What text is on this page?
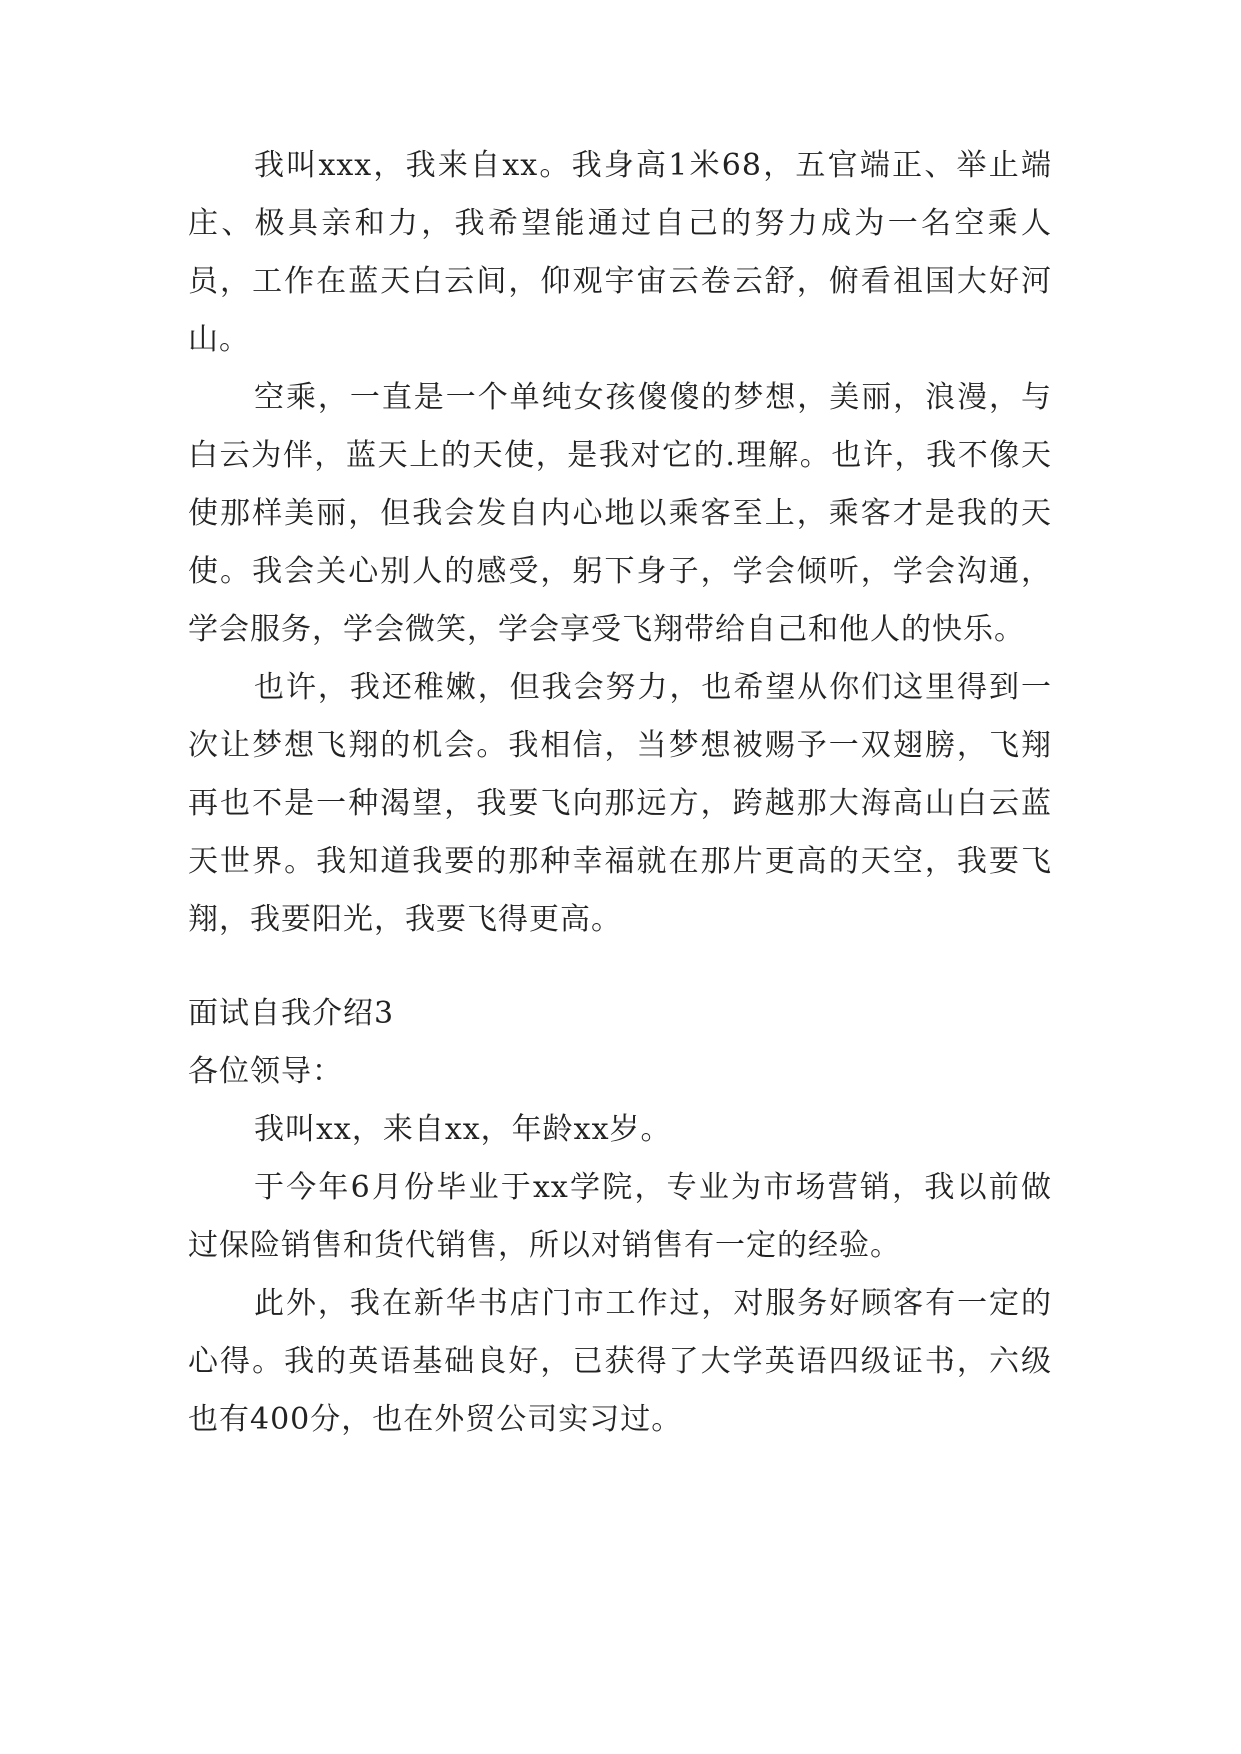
我叫xxx，我来自xx。我身高1米68，五官端正、举止端庄、极具亲和力，我希望能通过自己的努力成为一名空乘人员，工作在蓝天白云间，仰观宇宙云卷云舒，俯看祖国大好河山。

空乘，一直是一个单纯女孩傻傻的梦想，美丽，浪漫，与白云为伴，蓝天上的天使，是我对它的.理解。也许，我不像天使那样美丽，但我会发自内心地以乘客至上，乘客才是我的天使。我会关心别人的感受，躬下身子，学会倾听，学会沟通，学会服务，学会微笑，学会享受飞翔带给自己和他人的快乐。

也许，我还稚嫩，但我会努力，也希望从你们这里得到一次让梦想飞翔的机会。我相信，当梦想被赐予一双翅膀，飞翔再也不是一种渴望，我要飞向那远方，跨越那大海高山白云蓝天世界。我知道我要的那种幸福就在那片更高的天空，我要飞翔，我要阳光，我要飞得更高。

面试自我介绍3

各位领导：

我叫xx，来自xx，年龄xx岁。

于今年6月份毕业于xx学院，专业为市场营销，我以前做过保险销售和货代销售，所以对销售有一定的经验。

此外，我在新华书店门市工作过，对服务好顾客有一定的心得。我的英语基础良好，已获得了大学英语四级证书，六级也有400分，也在外贸公司实习过。
